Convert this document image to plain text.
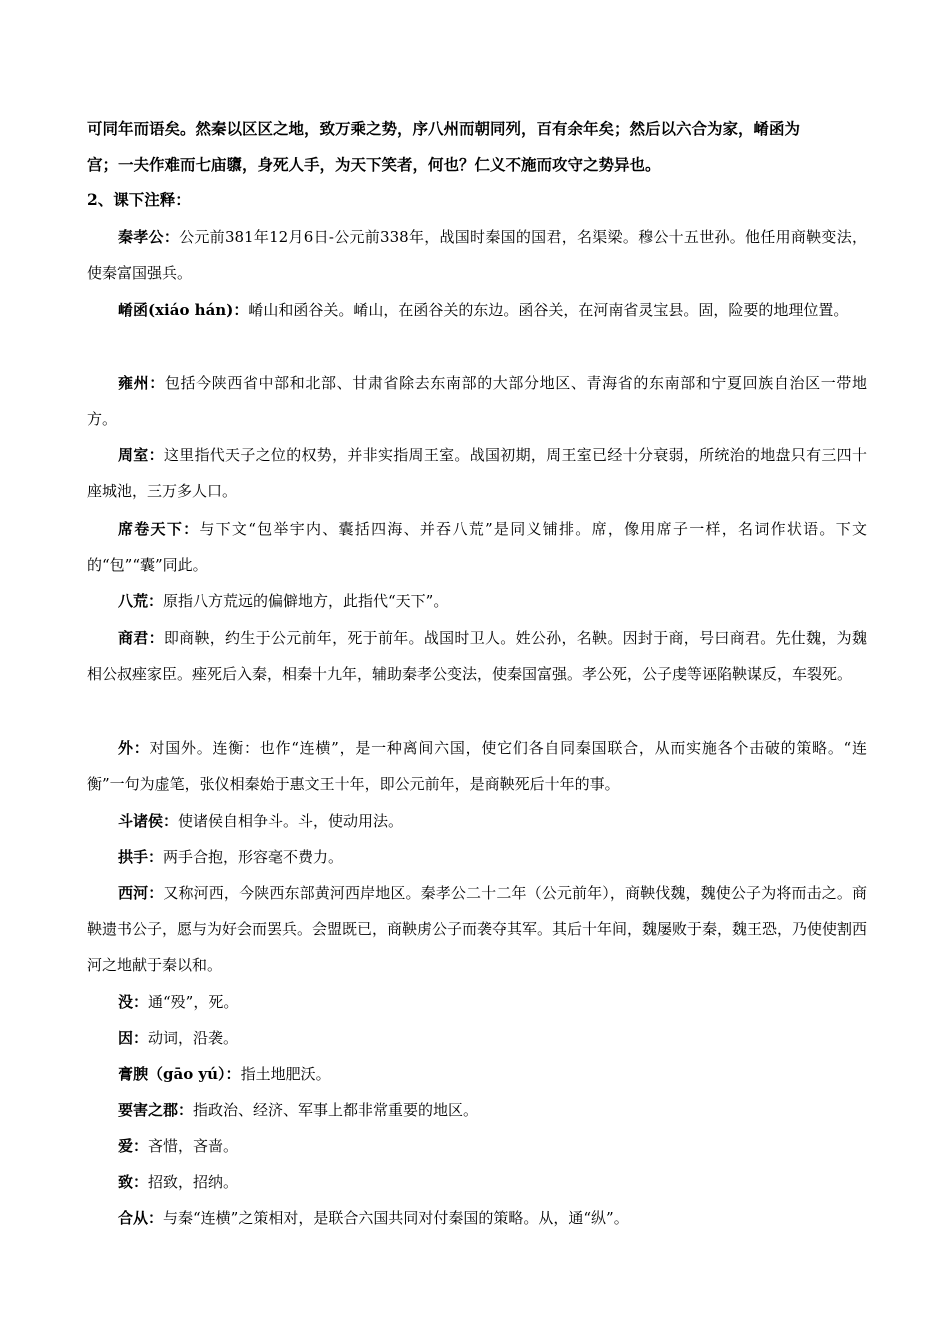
可同年而语矣。然秦以区区之地，致万乘之势，序八州而朝同列，百有余年矣；然后以六合为家，崤函为
宫；一夫作难而七庙隳，身死人手，为天下笑者，何也？仁义不施而攻守之势异也。
2、课下注释：
秦孝公：公元前381年12月6日-公元前338年，战国时秦国的国君，名渠梁。穆公十五世孙。他任用商鞅变法，使秦富国强兵。
崤函(xiáo hán)：崤山和函谷关。崤山，在函谷关的东边。函谷关，在河南省灵宝县。固，险要的地理位置。
雍州：包括今陕西省中部和北部、甘肃省除去东南部的大部分地区、青海省的东南部和宁夏回族自治区一带地方。
周室：这里指代天子之位的权势，并非实指周王室。战国初期，周王室已经十分衰弱，所统治的地盘只有三四十座城池，三万多人口。
席卷天下：与下文“包举宇内、囊括四海、并吞八荒”是同义铺排。席，像用席子一样，名词作状语。下文的“包”“囊”同此。
八荒：原指八方荒远的偏僻地方，此指代“天下”。
商君：即商鞅，约生于公元前年，死于前年。战国时卫人。姓公孙，名鞅。因封于商，号曰商君。先仕魏，为魏相公叔痤家臣。痤死后入秦，相秦十九年，辅助秦孝公变法，使秦国富强。孝公死，公子虔等诬陷鞅谋反，车裂死。
外：对国外。连衡：也作“连横”，是一种离间六国，使它们各自同秦国联合，从而实施各个击破的策略。“连衡”一句为虚笔，张仪相秦始于惠文王十年，即公元前年，是商鞅死后十年的事。
斗诸侯：使诸侯自相争斗。斗，使动用法。
拱手：两手合抱，形容毫不费力。
西河：又称河西，今陕西东部黄河西岸地区。秦孝公二十二年（公元前年），商鞅伐魏，魏使公子为将而击之。商鞅遗书公子，愿与为好会而罢兵。会盟既已，商鞅虏公子而袭夺其军。其后十年间，魏屡败于秦，魏王恐，乃使使割西河之地献于秦以和。
没：通“殁”，死。
因：动词，沿袭。
膏腴（gāo yú）：指土地肥沃。
要害之郡：指政治、经济、军事上都非常重要的地区。
爱：吝惜，吝啬。
致：招致，招纳。
合从：与秦“连横”之策相对，是联合六国共同对付秦国的策略。从，通“纵”。
